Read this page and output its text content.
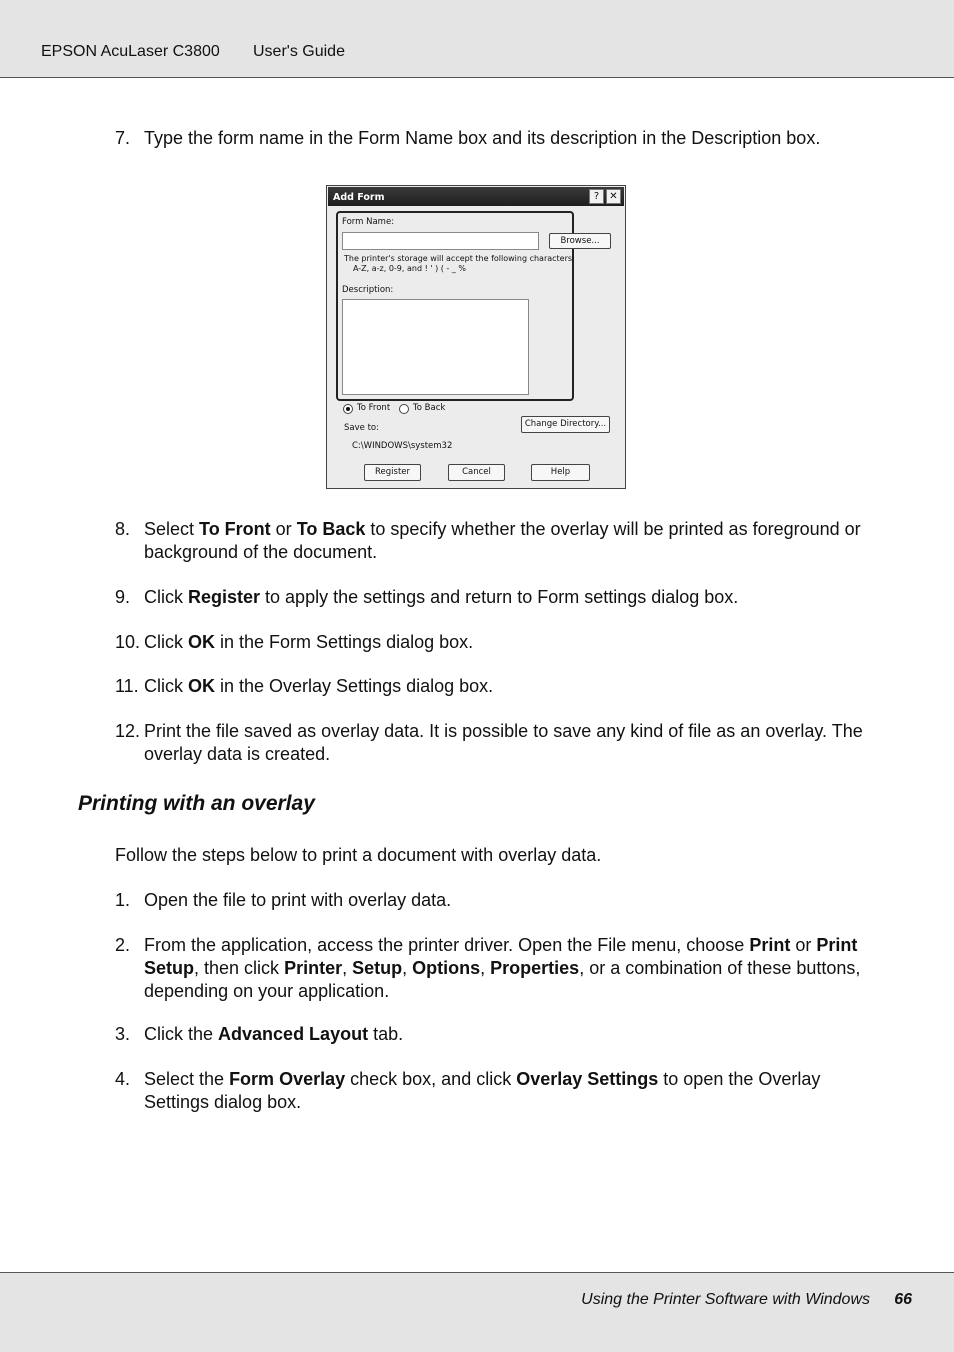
EPSON AcuLaser C3800 User's Guide
7. Type the form name in the Form Name box and its description in the Description box.
Add Form	?	✕
Form Name:
Browse...
The printer's storage will accept the following characters:
A-Z, a-z, 0-9, and ! ' ) ( - _ %
Description:
To Front	To Back
Change Directory...
Save to:
C:\WINDOWS\system32
Register	Cancel	Help
8. Select To Front or To Back to specify whether the overlay will be printed as foreground or background of the document.
9. Click Register to apply the settings and return to Form settings dialog box.
10. Click OK in the Form Settings dialog box.
11. Click OK in the Overlay Settings dialog box.
12. Print the file saved as overlay data. It is possible to save any kind of file as an overlay. The overlay data is created.
Printing with an overlay
Follow the steps below to print a document with overlay data.
1. Open the file to print with overlay data.
2. From the application, access the printer driver. Open the File menu, choose Print or Print Setup, then click Printer, Setup, Options, Properties, or a combination of these buttons, depending on your application.
3. Click the Advanced Layout tab.
4. Select the Form Overlay check box, and click Overlay Settings to open the Overlay Settings dialog box.
Using the Printer Software with Windows 66
